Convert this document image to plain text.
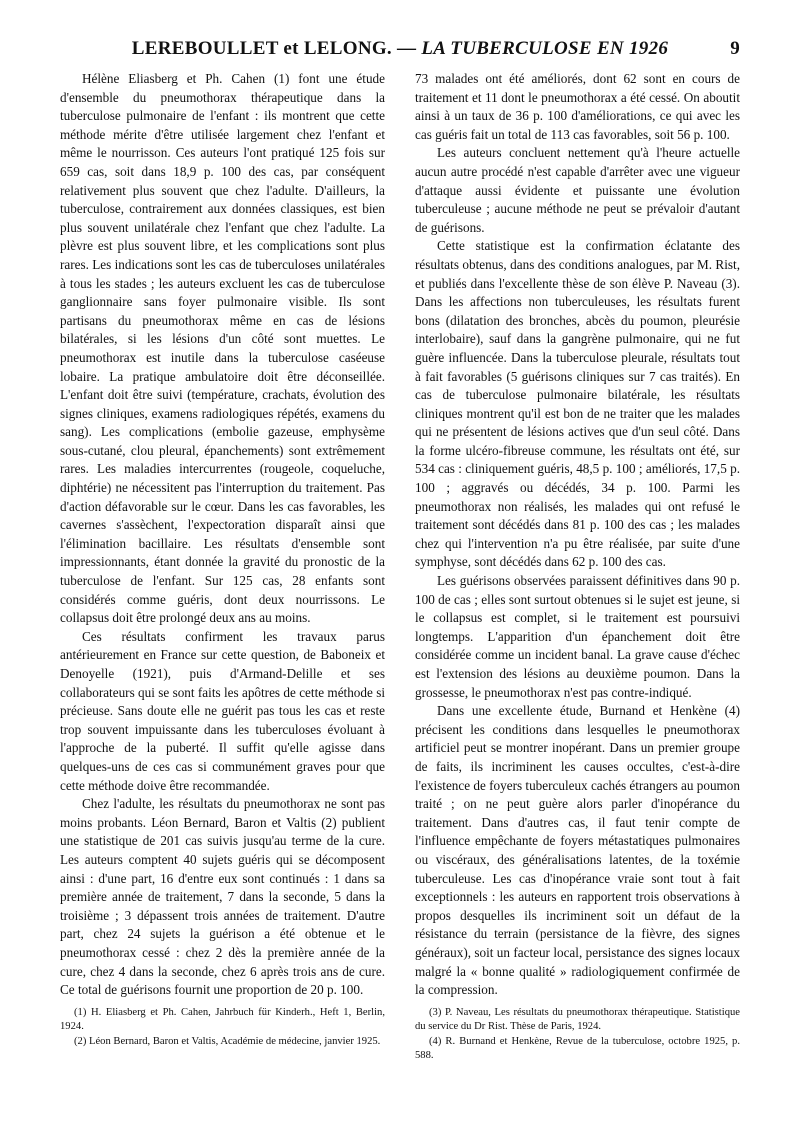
LEREBOULLET et LELONG. — LA TUBERCULOSE EN 1926	9

Hélène Eliasberg et Ph. Cahen (1) font une étude d'ensemble du pneumothorax thérapeutique dans la tuberculose pulmonaire de l'enfant : ils montrent que cette méthode mérite d'être utilisée largement chez l'enfant et même le nourrisson. Ces auteurs l'ont pratiqué 125 fois sur 659 cas, soit dans 18,9 p. 100 des cas, par conséquent relativement plus souvent que chez l'adulte. D'ailleurs, la tuberculose, contrairement aux données classiques, est bien plus souvent unilatérale chez l'enfant que chez l'adulte. La plèvre est plus souvent libre, et les complications sont plus rares. Les indications sont les cas de tuberculoses unilatérales à tous les stades ; les auteurs excluent les cas de tuberculose ganglionnaire sans foyer pulmonaire visible. Ils sont partisans du pneumothorax même en cas de lésions bilatérales, si les lésions d'un côté sont muettes. Le pneumothorax est inutile dans la tuberculose caséeuse lobaire. La pratique ambulatoire doit être déconseillée. L'enfant doit être suivi (température, crachats, évolution des signes cliniques, examens radiologiques répétés, examens du sang). Les complications (embolie gazeuse, emphysème sous-cutané, clou pleural, épanchements) sont extrêmement rares. Les maladies intercurrentes (rougeole, coqueluche, diphtérie) ne nécessitent pas l'interruption du traitement. Pas d'action défavorable sur le cœur. Dans les cas favorables, les cavernes s'assèchent, l'expectoration disparaît ainsi que l'élimination bacillaire. Les résultats d'ensemble sont impressionnants, étant donnée la gravité du pronostic de la tuberculose de l'enfant. Sur 125 cas, 28 enfants sont considérés comme guéris, dont deux nourrissons. Le collapsus doit être prolongé deux ans au moins.

Ces résultats confirment les travaux parus antérieurement en France sur cette question, de Baboneix et Denoyelle (1921), puis d'Armand-Delille et ses collaborateurs qui se sont faits les apôtres de cette méthode si précieuse. Sans doute elle ne guérit pas tous les cas et reste trop souvent impuissante dans les tuberculoses évoluant à l'approche de la puberté. Il suffit qu'elle agisse dans quelques-uns de ces cas si communément graves pour que cette méthode doive être recommandée.

Chez l'adulte, les résultats du pneumothorax ne sont pas moins probants. Léon Bernard, Baron et Valtis (2) publient une statistique de 201 cas suivis jusqu'au terme de la cure. Les auteurs comptent 40 sujets guéris qui se décomposent ainsi : d'une part, 16 d'entre eux sont continués : 1 dans sa première année de traitement, 7 dans la seconde, 5 dans la troisième ; 3 dépassent trois années de traitement. D'autre part, chez 24 sujets la guérison a été obtenue et le pneumothorax cessé : chez 2 dès la première année de la cure, chez 4 dans la seconde, chez 6 après trois ans de cure. Ce total de guérisons fournit une proportion de 20 p. 100.

(1) H. Eliasberg et Ph. Cahen, Jahrbuch für Kinderh., Heft 1, Berlin, 1924.

(2) Léon Bernard, Baron et Valtis, Académie de médecine, janvier 1925.

73 malades ont été améliorés, dont 62 sont en cours de traitement et 11 dont le pneumothorax a été cessé. On aboutit ainsi à un taux de 36 p. 100 d'améliorations, ce qui avec les cas guéris fait un total de 113 cas favorables, soit 56 p. 100.

Les auteurs concluent nettement qu'à l'heure actuelle aucun autre procédé n'est capable d'arrêter avec une vigueur d'attaque aussi évidente et puissante une évolution tuberculeuse ; aucune méthode ne peut se prévaloir d'autant de guérisons.

Cette statistique est la confirmation éclatante des résultats obtenus, dans des conditions analogues, par M. Rist, et publiés dans l'excellente thèse de son élève P. Naveau (3). Dans les affections non tuberculeuses, les résultats furent bons (dilatation des bronches, abcès du poumon, pleurésie interlobaire), sauf dans la gangrène pulmonaire, qui ne fut guère influencée. Dans la tuberculose pleurale, résultats tout à fait favorables (5 guérisons cliniques sur 7 cas traités). En cas de tuberculose pulmonaire bilatérale, les résultats cliniques montrent qu'il est bon de ne traiter que les malades qui ne présentent de lésions actives que d'un seul côté. Dans la forme ulcéro-fibreuse commune, les résultats ont été, sur 534 cas : cliniquement guéris, 48,5 p. 100 ; améliorés, 17,5 p. 100 ; aggravés ou décédés, 34 p. 100. Parmi les pneumothorax non réalisés, les malades qui ont refusé le traitement sont décédés dans 81 p. 100 des cas ; les malades chez qui l'intervention n'a pu être réalisée, par suite d'une symphyse, sont décédés dans 62 p. 100 des cas.

Les guérisons observées paraissent définitives dans 90 p. 100 de cas ; elles sont surtout obtenues si le sujet est jeune, si le collapsus est complet, si le traitement est poursuivi longtemps. L'apparition d'un épanchement doit être considérée comme un incident banal. La grave cause d'échec est l'extension des lésions au deuxième poumon. Dans la grossesse, le pneumothorax n'est pas contre-indiqué.

Dans une excellente étude, Burnand et Henkène (4) précisent les conditions dans lesquelles le pneumothorax artificiel peut se montrer inopérant. Dans un premier groupe de faits, ils incriminent les causes occultes, c'est-à-dire l'existence de foyers tuberculeux cachés étrangers au poumon traité ; on ne peut guère alors parler d'inopérance du traitement. Dans d'autres cas, il faut tenir compte de l'influence empêchante de foyers métastatiques pulmonaires ou viscéraux, des généralisations latentes, de la toxémie tuberculeuse. Les cas d'inopérance vraie sont tout à fait exceptionnels : les auteurs en rapportent trois observations à propos desquelles ils incriminent soit un défaut de la résistance du terrain (persistance de la fièvre, des signes généraux), soit un facteur local, persistance des signes locaux malgré la « bonne qualité » radiologiquement confirmée de la compression.

(3) P. Naveau, Les résultats du pneumothorax thérapeutique. Statistique du service du Dr Rist. Thèse de Paris, 1924.

(4) R. Burnand et Henkène, Revue de la tuberculose, octobre 1925, p. 588.
